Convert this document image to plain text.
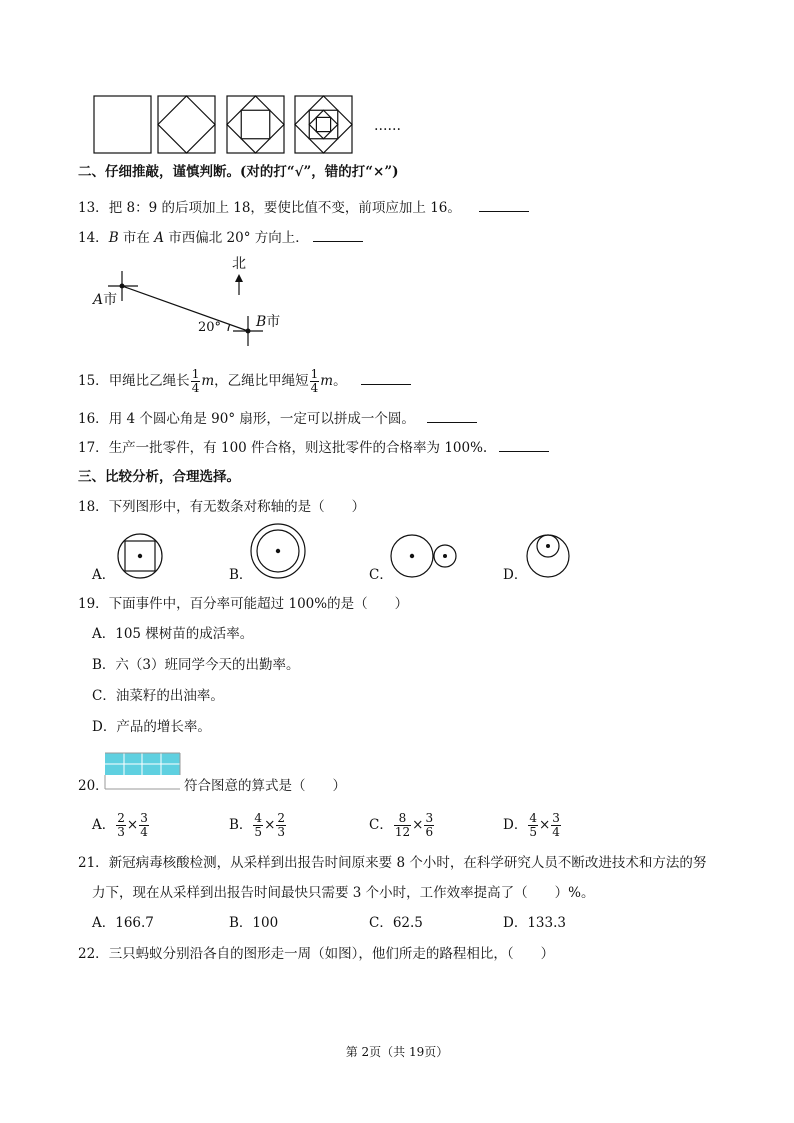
……
二、仔细推敲，谨慎判断。(对的打“√”，错的打“×”)
13．把 8：9 的后项加上 18，要使比值不变，前项应加上 16。
14．B 市在 A 市西偏北 20° 方向上．
北
A市
B市
20°
15．甲绳比乙绳长 $\frac{1}{4}$ m，乙绳比甲绳短 $\frac{1}{4}$ m。
16．用 4 个圆心角是 90° 扇形，一定可以拼成一个圆。
17．生产一批零件，有 100 件合格，则这批零件的合格率为 100%.
三、比较分析，合理选择。
18．下列图形中，有无数条对称轴的是（　　）
A．	B．	C．	D．
19．下面事件中，百分率可能超过 100%的是（　　）
A．105 棵树苗的成活率。
B．六（3）班同学今天的出勤率。
C．油菜籽的出油率。
D．产品的增长率。
20．	符合图意的算式是（　　）
A． $\frac{2}{3} \times \frac{3}{4}$	B． $\frac{4}{5} \times \frac{2}{3}$	C． $\frac{8}{12} \times \frac{3}{6}$	D． $\frac{4}{5} \times \frac{3}{4}$
21．新冠病毒核酸检测，从采样到出报告时间原来要 8 个小时，在科学研究人员不断改进技术和方法的努
力下，现在从采样到出报告时间最快只需要 3 个小时，工作效率提高了（　　）%。
A．166.7	B．100	C．62.5	D．133.3
22．三只蚂蚁分别沿各自的图形走一周（如图），他们所走的路程相比，（　　）
第 2页（共 19页）
